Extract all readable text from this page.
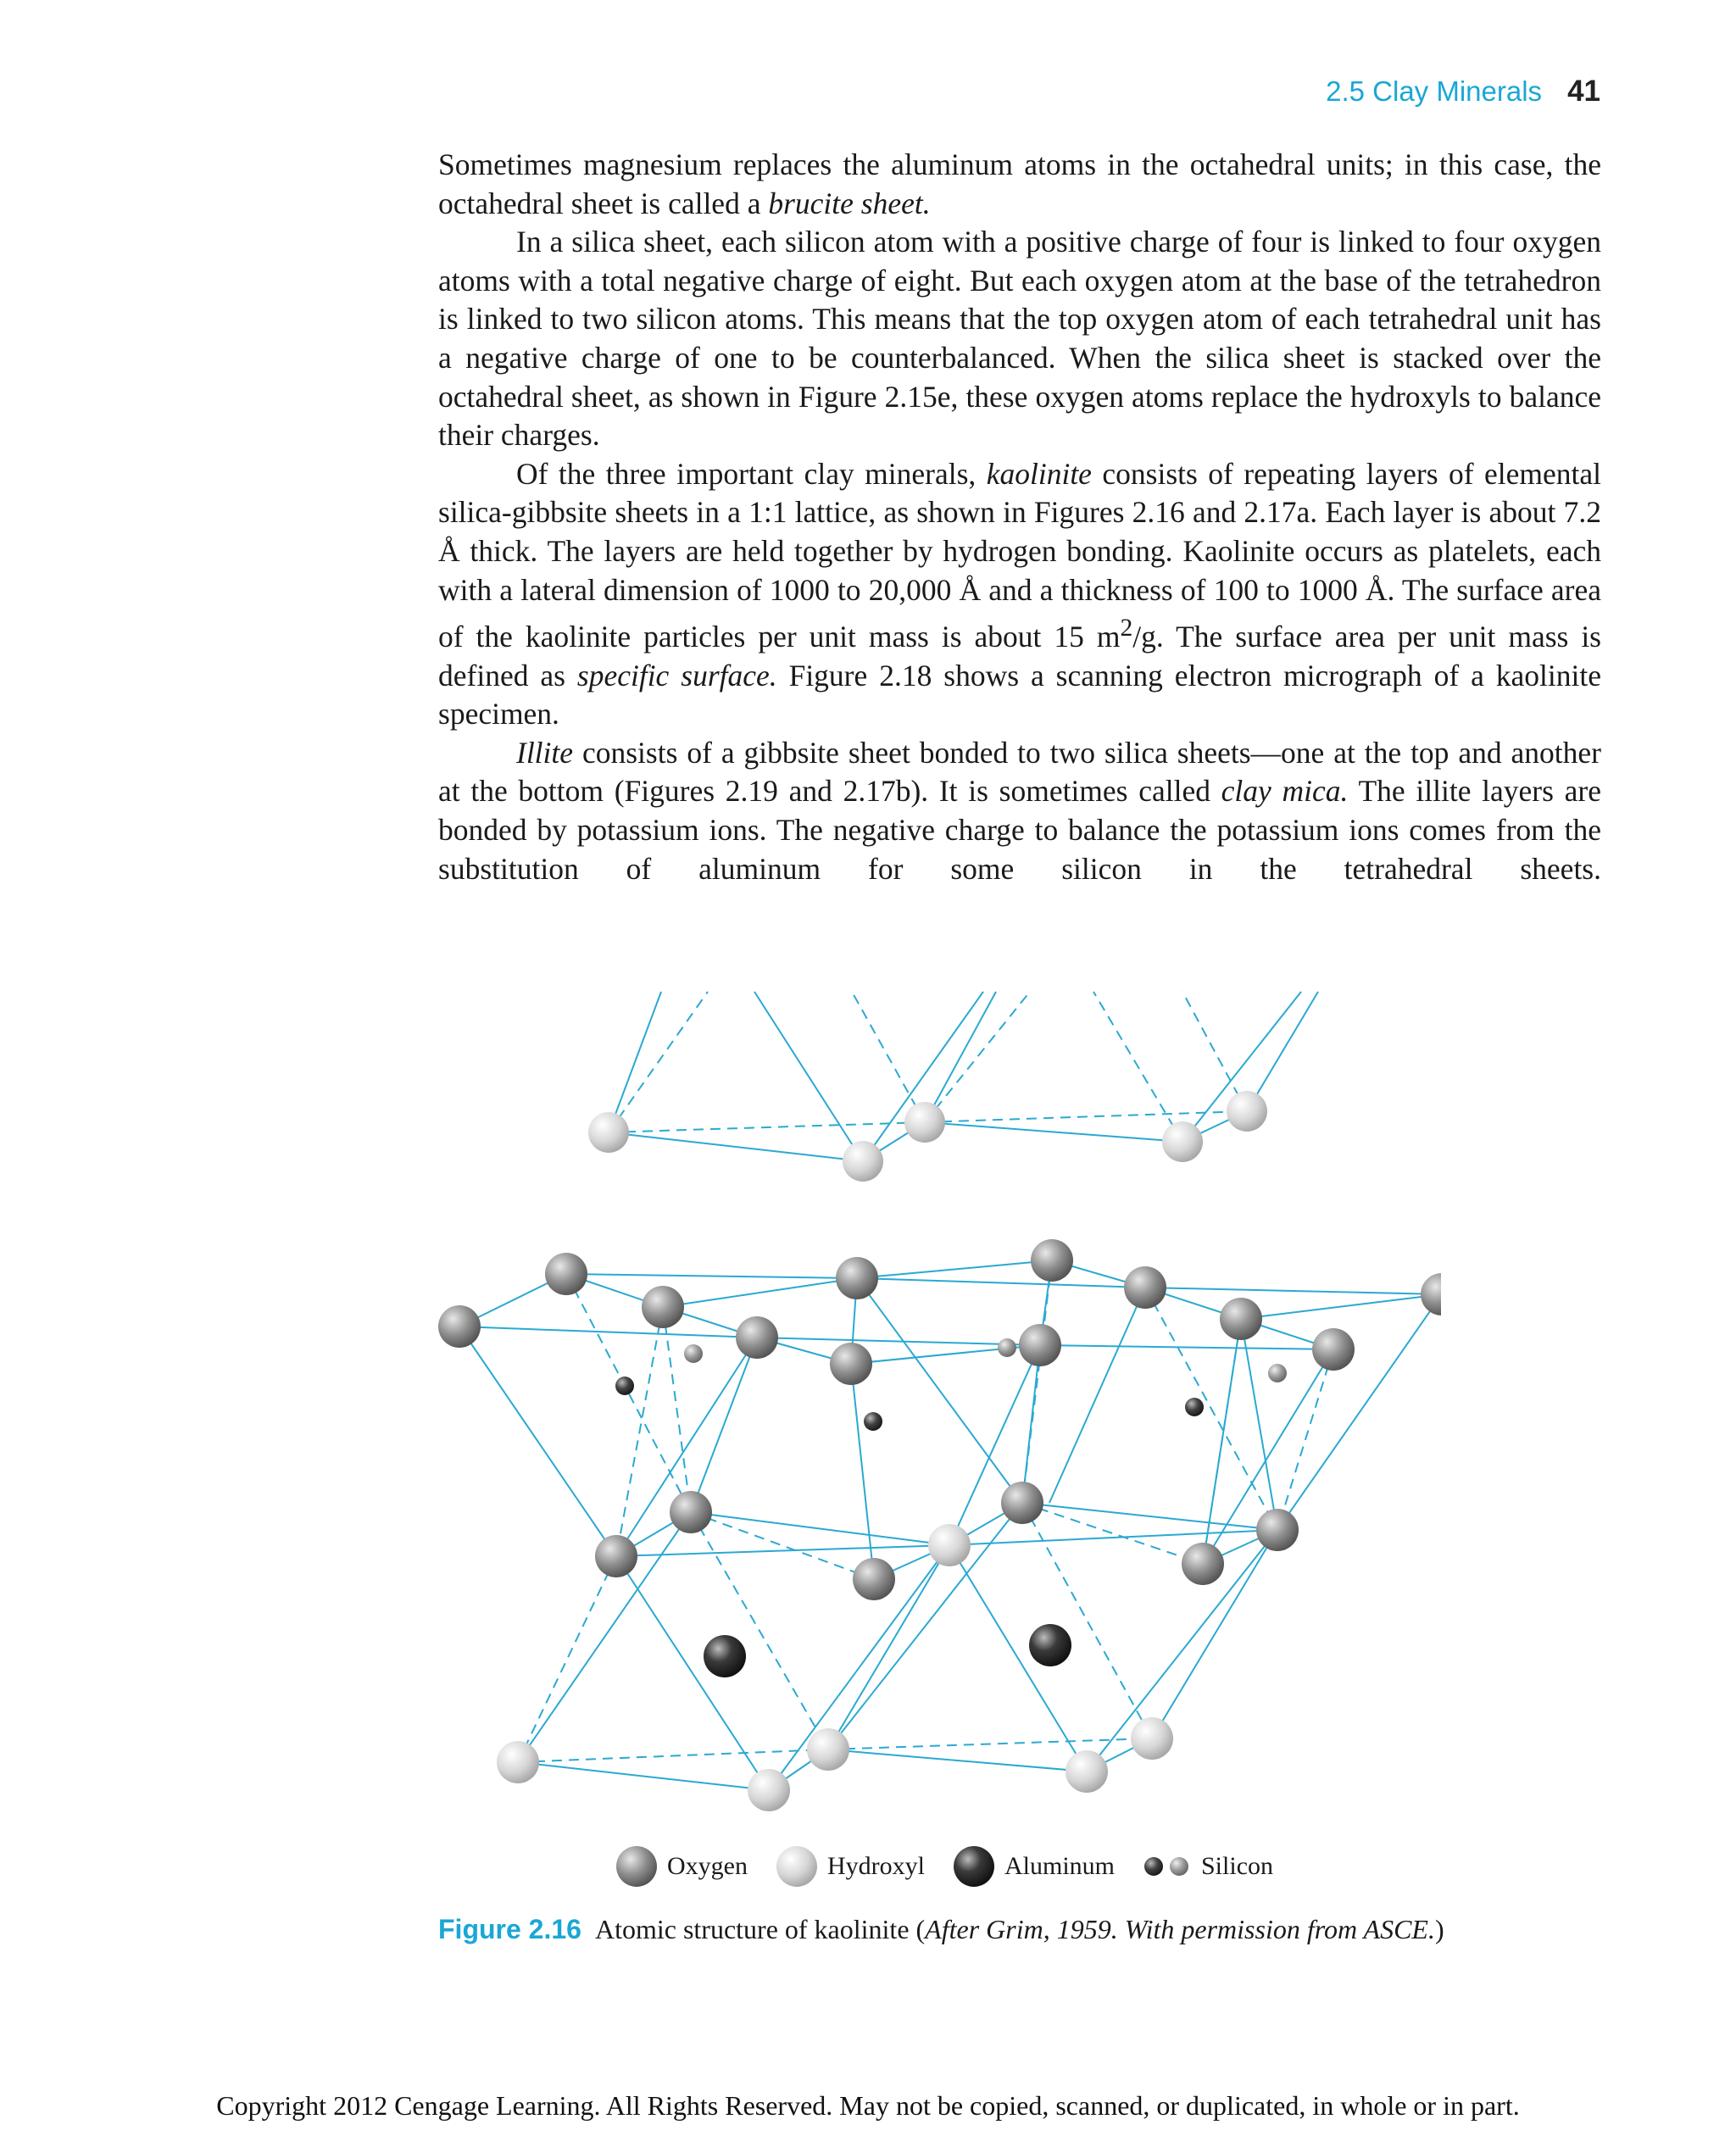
2.5 Clay Minerals 41

Sometimes magnesium replaces the aluminum atoms in the octahedral units; in this case, the octahedral sheet is called a brucite sheet.

In a silica sheet, each silicon atom with a positive charge of four is linked to four oxygen atoms with a total negative charge of eight. But each oxygen atom at the base of the tetrahedron is linked to two silicon atoms. This means that the top oxygen atom of each tetrahedral unit has a negative charge of one to be counterbalanced. When the silica sheet is stacked over the octahedral sheet, as shown in Figure 2.15e, these oxygen atoms replace the hydroxyls to balance their charges.

Of the three important clay minerals, kaolinite consists of repeating layers of elemental silica-gibbsite sheets in a 1:1 lattice, as shown in Figures 2.16 and 2.17a. Each layer is about 7.2 Å thick. The layers are held together by hydrogen bonding. Kaolinite occurs as platelets, each with a lateral dimension of 1000 to 20,000 Å and a thickness of 100 to 1000 Å. The surface area of the kaolinite particles per unit mass is about 15 $m^2/g$. The surface area per unit mass is defined as specific surface. Figure 2.18 shows a scanning electron micrograph of a kaolinite specimen.

Illite consists of a gibbsite sheet bonded to two silica sheets—one at the top and another at the bottom (Figures 2.19 and 2.17b). It is sometimes called clay mica. The illite layers are bonded by potassium ions. The negative charge to balance the potassium ions comes from the substitution of aluminum for some silicon in the tetrahedral sheets.

Oxygen	Hydroxyl	Aluminum	Silicon
Figure 2.16 Atomic structure of kaolinite (After Grim, 1959. With permission from ASCE.)
Copyright 2012 Cengage Learning. All Rights Reserved. May not be copied, scanned, or duplicated, in whole or in part.
